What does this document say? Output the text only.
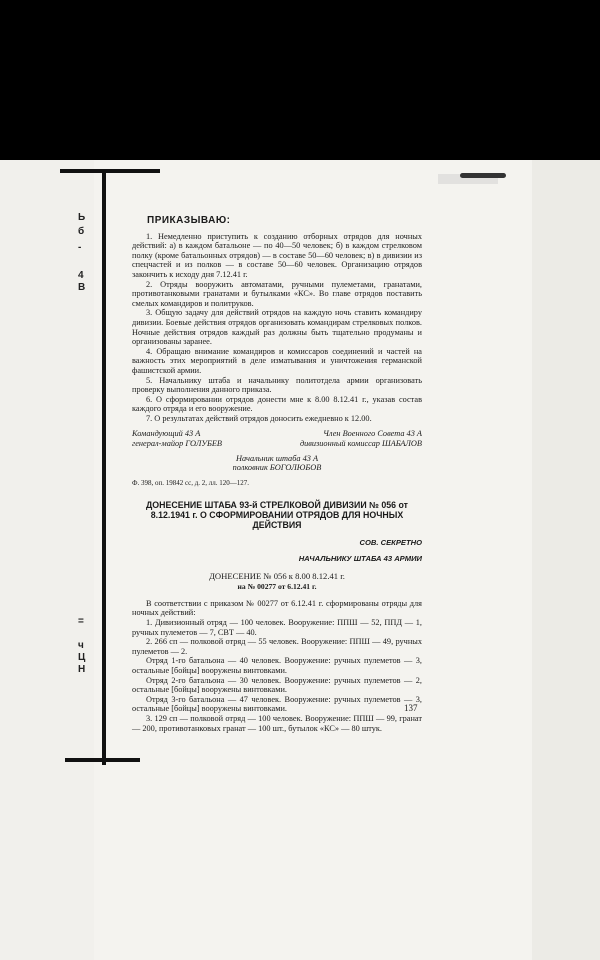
Ь
б
-
4
В
=
ч
Ц
Н
ПРИКАЗЫВАЮ:

1. Немедленно приступить к созданию отборных отрядов для ночных действий: а) в каждом батальоне — по 40—50 человек; б) в каждом стрелковом полку (кроме батальонных отрядов) — в составе 50—60 человек; в) в дивизии из спецчастей и из полков — в составе 50—60 человек. Организацию отрядов закончить к исходу дня 7.12.41 г.

2. Отряды вооружить автоматами, ручными пулеметами, гранатами, противотанковыми гранатами и бутылками «КС». Во главе отрядов поставить смелых командиров и политруков.

3. Общую задачу для действий отрядов на каждую ночь ставить командиру дивизии. Боевые действия отрядов организовать командирам стрелковых полков. Ночные действия отрядов каждый раз должны быть тщательно продуманы и организованы заранее.

4. Обращаю внимание командиров и комиссаров соединений и частей на важность этих мероприятий в деле изматывания и уничтожения германской фашистской армии.

5. Начальнику штаба и начальнику политотдела армии организовать проверку выполнения данного приказа.

6. О сформировании отрядов донести мне к 8.00 8.12.41 г., указав состав каждого отряда и его вооружение.

7. О результатах действий отрядов доносить ежедневно к 12.00.

Командующий 43 А
генерал-майор ГОЛУБЕВ
Член Военного Совета 43 А
дивизионный комиссар ШАБАЛОВ
Начальник штаба 43 А
полковник БОГОЛЮБОВ
Ф. 398, оп. 19842 сс, д. 2, лл. 120—127.
ДОНЕСЕНИЕ ШТАБА 93-й СТРЕЛКОВОЙ ДИВИЗИИ № 056 от 8.12.1941 г. О СФОРМИРОВАНИИ ОТРЯДОВ ДЛЯ НОЧНЫХ ДЕЙСТВИЯ
СОВ. СЕКРЕТНО
НАЧАЛЬНИКУ ШТАБА 43 АРМИИ
ДОНЕСЕНИЕ № 056 к 8.00 8.12.41 г.
на № 00277 от 6.12.41 г.

В соответствии с приказом № 00277 от 6.12.41 г. сформированы отряды для ночных действий:

1. Дивизионный отряд — 100 человек. Вооружение: ППШ — 52, ППД — 1, ручных пулеметов — 7, СВТ — 40.

2. 266 сп — полковой отряд — 55 человек. Вооружение: ППШ — 49, ручных пулеметов — 2.

Отряд 1-го батальона — 40 человек. Вооружение: ручных пулеметов — 3, остальные [бойцы] вооружены винтовками.

Отряд 2-го батальона — 30 человек. Вооружение: ручных пулеметов — 2, остальные [бойцы] вооружены винтовками.

Отряд 3-го батальона — 47 человек. Вооружение: ручных пулеметов — 3, остальные [бойцы] вооружены винтовками.

3. 129 сп — полковой отряд — 100 человек. Вооружение: ППШ — 99, гранат — 200, противотанковых гранат — 100 шт., бутылок «КС» — 80 штук.

137
